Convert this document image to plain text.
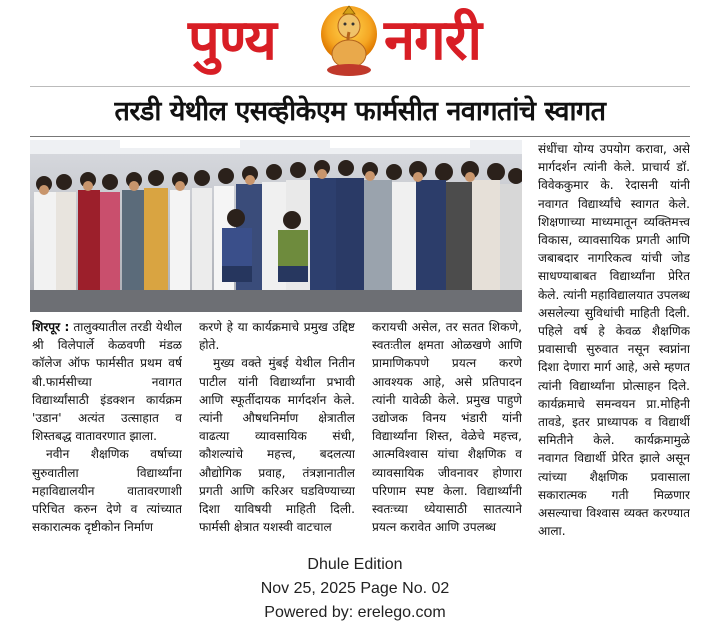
पुण्य नगरी
तरडी येथील एसव्हीकेएम फार्मसीत नवागतांचे स्वागत

शिरपूर : तालुक्यातील तरडी येथील श्री विलेपार्ले केळवणी मंडळ कॉलेज ऑफ फार्मसीत प्रथम वर्ष बी.फार्मसीच्या नवागत विद्यार्थ्यांसाठी इंडक्शन कार्यक्रम 'उडान' अत्यंत उत्साहात व शिस्तबद्ध वातावरणात झाला.

नवीन शैक्षणिक वर्षाच्या सुरुवातीला विद्यार्थ्यांना महाविद्यालयीन वातावरणाशी परिचित करुन देणे व त्यांच्यात सकारात्मक दृष्टीकोन निर्माण

करणे हे या कार्यक्रमाचे प्रमुख उद्दिष्ट होते.

मुख्य वक्ते मुंबई येथील नितीन पाटील यांनी विद्यार्थ्यांना प्रभावी आणि स्फूर्तीदायक मार्गदर्शन केले. त्यांनी औषधनिर्माण क्षेत्रातील वाढत्या व्यावसायिक संधी, कौशल्यांचे महत्त्व, बदलत्या औद्योगिक प्रवाह, तंत्रज्ञानातील प्रगती आणि करिअर घडविण्याच्या दिशा याविषयी माहिती दिली. फार्मसी क्षेत्रात यशस्वी वाटचाल

करायची असेल, तर सतत शिकणे, स्वतःतील क्षमता ओळखणे आणि प्रामाणिकपणे प्रयत्न करणे आवश्यक आहे, असे प्रतिपादन त्यांनी यावेळी केले. प्रमुख पाहुणे उद्योजक विनय भंडारी यांनी विद्यार्थ्यांना शिस्त, वेळेचे महत्त्व, आत्मविश्वास यांचा शैक्षणिक व व्यावसायिक जीवनावर होणारा परिणाम स्पष्ट केला. विद्यार्थ्यांनी स्वतःच्या ध्येयासाठी सातत्याने प्रयत्न करावेत आणि उपलब्ध

संधींचा योग्य उपयोग करावा, असे मार्गदर्शन त्यांनी केले. प्राचार्य डॉ. विवेककुमार के. रेदासनी यांनी नवागत विद्यार्थ्यांचे स्वागत केले. शिक्षणाच्या माध्यमातून व्यक्तिमत्त्व विकास, व्यावसायिक प्रगती आणि जबाबदार नागरिकत्व यांची जोड साधण्याबाबत विद्यार्थ्यांना प्रेरित केले. त्यांनी महाविद्यालयात उपलब्ध असलेल्या सुविधांची माहिती दिली. पहिले वर्ष हे केवळ शैक्षणिक प्रवासाची सुरुवात नसून स्वप्नांना दिशा देणारा मार्ग आहे, असे म्हणत त्यांनी विद्यार्थ्यांना प्रोत्साहन दिले. कार्यक्रमाचे समन्वयन प्रा.मोहिनी तावडे, इतर प्राध्यापक व विद्यार्थी समितीने केले. कार्यक्रमामुळे नवागत विद्यार्थी प्रेरित झाले असून त्यांच्या शैक्षणिक प्रवासाला सकारात्मक गती मिळणार असल्याचा विश्वास व्यक्त करण्यात आला.

Dhule Edition
Nov 25, 2025 Page No. 02
Powered by: erelego.com
